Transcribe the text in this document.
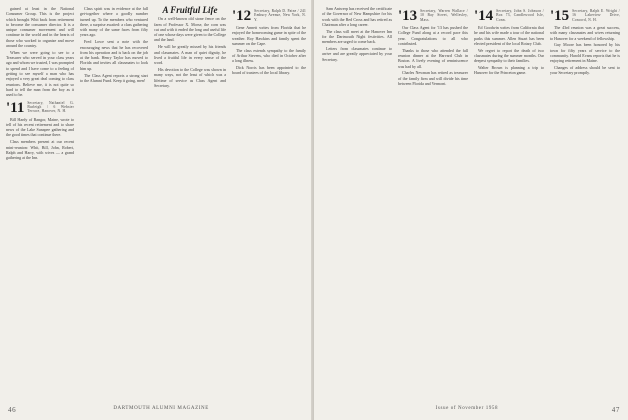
gained at least in the National Consumer Group. This is the project which brought Whit back from retirement to become the consumer director. It is a unique consumer movement and will continue in the world and in the hearts of those who worked to organize and move around the country.

When we were going to see to a Treasurer who served in your class years ago and whom we trusted, I was prompted to spend and I have come to a feeling of getting to see myself a man who has enjoyed a very great deal coming to class reunions. Believe me, it is not quite so hard to tell the man from the boy as it used to be.

'11 Secretary, Nathaniel G. Burleigh / 6 Webster Terrace, Hanover, N. H.

Bill Hardy of Bangor, Maine, wrote to tell of his recent retirement and to share news of the Lake Sunapee gathering and the good times that continue there.

Class members present at our recent mini-reunion: Whit, Bill, John, Robert, Ralph and Harry, with wives — a grand gathering at the Inn.

Class spirit was in evidence at the fall get-together where a goodly number turned up. To the members who ventured there, a surprise awaited: a class gathering with many of the same faces from fifty years ago.

Fred Lowe sent a note with the encouraging news that he has recovered from his operation and is back on the job at the bank. Henry Taylor has moved to Florida and invites all classmates to look him up.

The Class Agent reports a strong start to the Alumni Fund. Keep it going, men!

A Fruitful Life

On a well-known old stone fence on the farm of Professor X. Morse, the corn was cut and with it ended the long and useful life of one whose days were given to the College and the land.

He will be greatly missed by his friends and classmates. A man of quiet dignity, he lived a fruitful life in every sense of the word.

His devotion to the College was shown in many ways, not the least of which was a lifetime of service as Class Agent and Secretary.

'12 Secretary, Ralph D. Paine / 241 Embury Avenue, New York, N. Y.

Gene Annett writes from Florida that he enjoyed the homecoming game in spite of the weather. Roy Hawkins and family spent the summer on the Cape.

The class extends sympathy to the family of Arthur Stevens, who died in October after a long illness.

Dick Norris has been appointed to the board of trustees of the local library.

46	DARTMOUTH ALUMNI MAGAZINE

Sam Antwerp has received the certificate of the Governor of New Hampshire for his work with the Red Cross and has retired as Chairman after a long career.

The class will meet at the Hanover Inn for the Dartmouth Night festivities. All members are urged to come back.

Letters from classmates continue to arrive and are greatly appreciated by your Secretary.

'13 Secretary, Warren Wallace / 10 Bay Street, Wellesley, Mass.

Our Class Agent for '13 has pushed the College Fund along at a record pace this year. Congratulations to all who contributed.

Thanks to those who attended the fall reunion dinner at the Harvard Club in Boston. A lively evening of reminiscence was had by all.

Charles Newman has retired as treasurer of the family firm and will divide his time between Florida and Vermont.

'14 Secretary, John S. Johnson / Box 73, Candlewood Isle, Conn.

Ed Goodwin writes from California that he and his wife made a tour of the national parks this summer. Allen Stuart has been elected president of the local Rotary Club.

We regret to report the death of two classmates during the summer months. Our deepest sympathy to their families.

Walter Brown is planning a trip to Hanover for the Princeton game.

'15 Secretary, Ralph E. Wright / 16 Lakeview Drive, Concord, N. H.

The 43rd reunion was a great success, with many classmates and wives returning to Hanover for a weekend of fellowship.

Guy Moore has been honored by his town for fifty years of service to the community. Harold Evans reports that he is enjoying retirement in Maine.

Changes of address should be sent to your Secretary promptly.

Issue of November 1958	47
